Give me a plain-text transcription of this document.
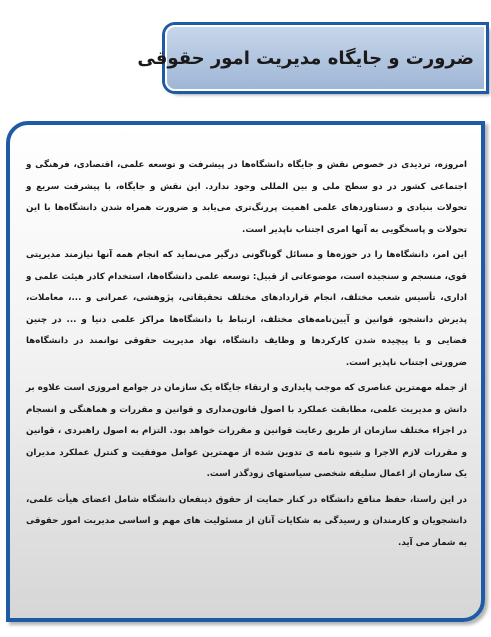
ضرورت و جایگاه مدیریت امور حقوقی

امروزه، تردیدی در خصوص نقش و جایگاه دانشگاه‌ها در پیشرفت و توسعه علمی، اقتصادی، فرهنگی و اجتماعی کشور در دو سطح ملی و بین المللی وجود ندارد. این نقش و جایگاه، با پیشرفت سریع و تحولات بنیادی و دستاوردهای علمی اهمیت پررنگ‌تری می‌یابد و ضرورت همراه شدن دانشگاه‌ها با این تحولات و پاسخگویی به آنها امری اجتناب ناپذیر است.

این امر، دانشگاه‌ها را در حوزه‌ها و مسائل گوناگونی درگیر می‌نماید که انجام همه آنها نیازمند مدیریتی قوی، منسجم و سنجیده است، موضوعاتی از قبیل: توسعه علمی دانشگاه‌ها، استخدام کادر هیئت علمی و اداری، تأسیس شعب مختلف، انجام قراردادهای مختلف تحقیقاتی، پژوهشی، عمرانی و ...، معاملات، پذیرش دانشجو، قوانین و آیین‌نامه‌های مختلف، ارتباط با دانشگاه‌ها مراکز علمی دنیا و ... در چنین فضایی و با پیچیده شدن کارکردها و وظایف دانشگاه، نهاد مدیریت حقوقی توانمند در دانشگاه‌ها ضرورتی اجتناب ناپذیر است.

از جمله مهمترین عناصری که موجب پایداری و ارتقاء جایگاه یک سازمان در جوامع امروزی است علاوه بر دانش و مدیریت علمی، مطابقت عملکرد با اصول قانون‌مداری و قوانین و مقررات و هماهنگی و انسجام در اجزاء مختلف سازمان از طریق رعایت قوانین و مقررات خواهد بود. التزام به اصول راهبردی ، قوانین و مقررات لازم الاجرا و شیوه نامه ی تدوین شده از مهمترین عوامل موفقیت و کنترل عملکرد مدیران یک سازمان از اعمال سلیقه شخصی سیاستهای زودگذر است.

در این راستا، حفظ منافع دانشگاه در کنار حمایت از حقوق ذینفعان دانشگاه شامل اعضای هیأت علمی، دانشجویان و کارمندان و رسیدگی به شکایات آنان از مسئولیت های مهم و اساسی مدیریت امور حقوقی به شمار می آید.
